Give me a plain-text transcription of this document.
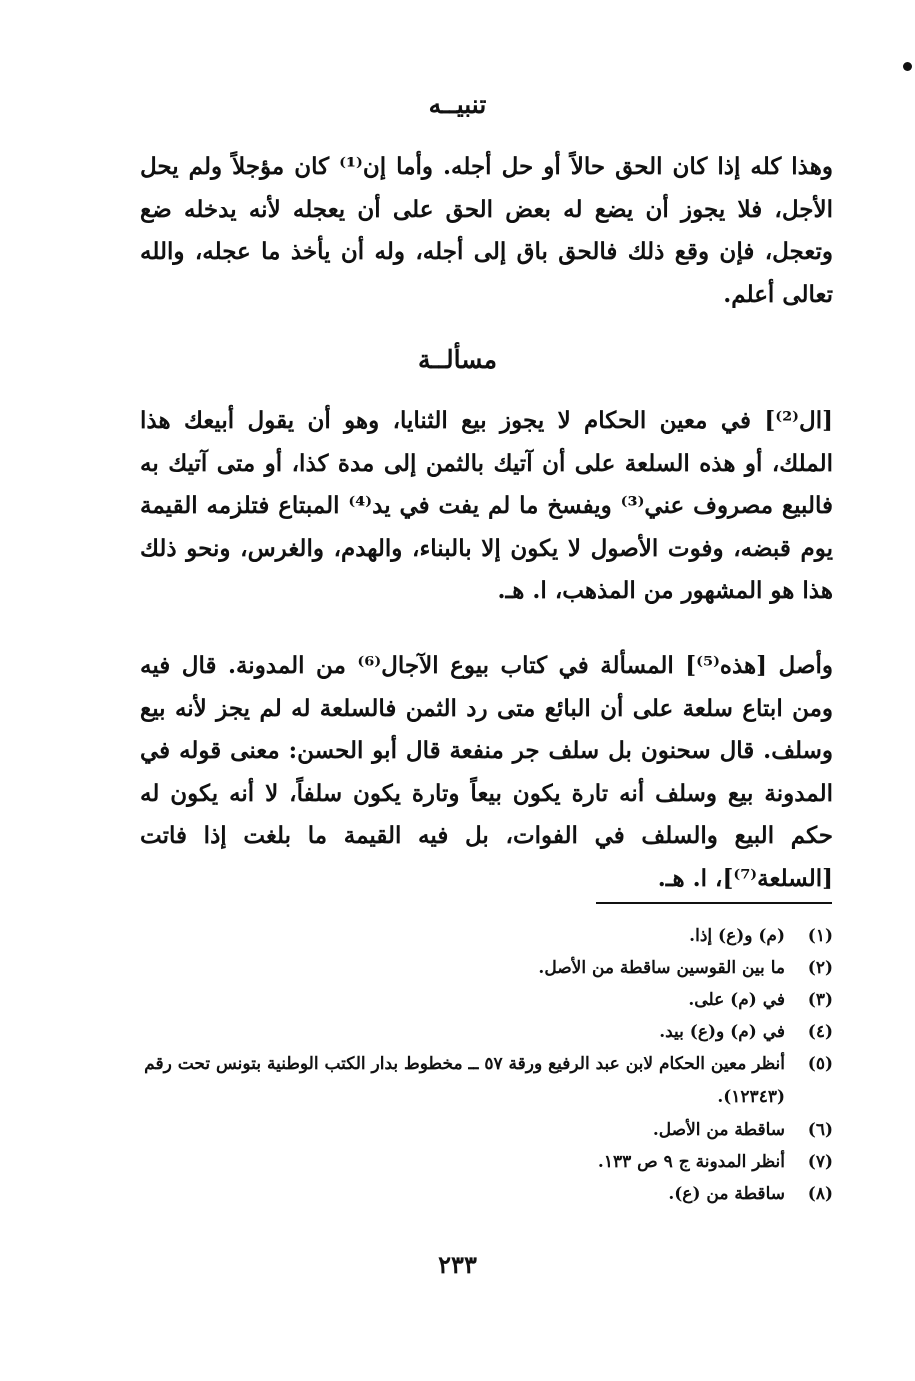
تنبيــه
وهذا كله إذا كان الحق حالاً أو حل أجله. وأما إن⁽¹⁾ كان مؤجلاً ولم يحل الأجل، فلا يجوز أن يضع له بعض الحق على أن يعجله لأنه يدخله ضع وتعجل، فإن وقع ذلك فالحق باق إلى أجله، وله أن يأخذ ما عجله، والله تعالى أعلم.
مسألــة
[ال⁽²⁾] في معين الحكام لا يجوز بيع الثنايا، وهو أن يقول أبيعك هذا الملك، أو هذه السلعة على أن آتيك بالثمن إلى مدة كذا، أو متى آتيك به فالبيع مصروف عني⁽³⁾ ويفسخ ما لم يفت في يد⁽⁴⁾ المبتاع فتلزمه القيمة يوم قبضه، وفوت الأصول لا يكون إلا بالبناء، والهدم، والغرس، ونحو ذلك هذا هو المشهور من المذهب، ا. هـ.
وأصل [هذه⁽⁵⁾] المسألة في كتاب بيوع الآجال⁽⁶⁾ من المدونة. قال فيه ومن ابتاع سلعة على أن البائع متى رد الثمن فالسلعة له لم يجز لأنه بيع وسلف. قال سحنون بل سلف جر منفعة قال أبو الحسن: معنى قوله في المدونة بيع وسلف أنه تارة يكون بيعاً وتارة يكون سلفاً، لا أنه يكون له حكم البيع والسلف في الفوات، بل فيه القيمة ما بلغت إذا فاتت [السلعة⁽⁷⁾]، ا. هـ.
(١)
(م) و(ع) إذا.
(٢)
ما بين القوسين ساقطة من الأصل.
(٣)
في (م) على.
(٤)
في (م) و(ع) بيد.
(٥)
أنظر معين الحكام لابن عبد الرفيع ورقة ٥٧ ــ مخطوط بدار الكتب الوطنية بتونس تحت رقم (١٢٣٤٣).
(٦)
ساقطة من الأصل.
(٧)
أنظر المدونة ج ٩ ص ١٣٣.
(٨)
ساقطة من (ع).
٢٣٣
